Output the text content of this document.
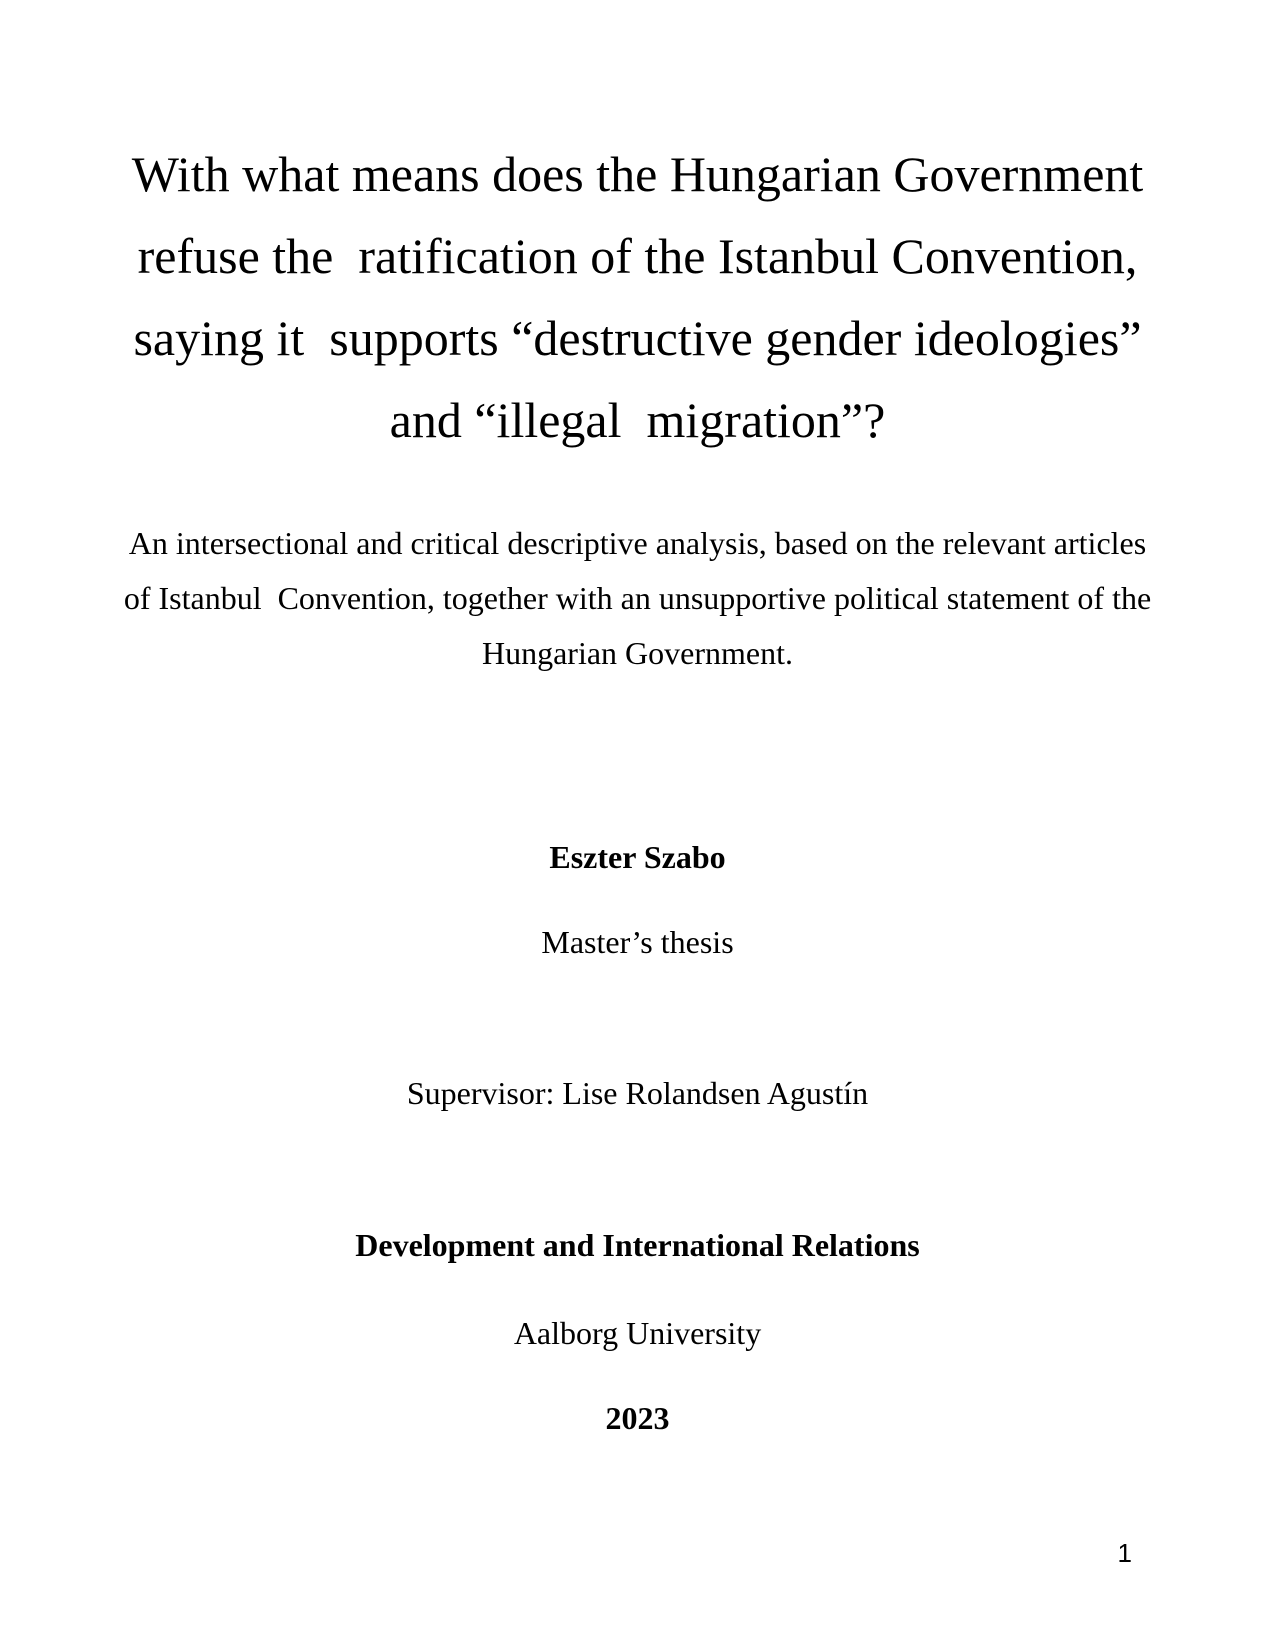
With what means does the Hungarian Government
refuse the  ratification of the Istanbul Convention,
saying it  supports “destructive gender ideologies”
and “illegal  migration”?
An intersectional and critical descriptive analysis, based on the relevant articles
of Istanbul  Convention, together with an unsupportive political statement of the
Hungarian Government.
Eszter Szabo
Master’s thesis
Supervisor: Lise Rolandsen Agustín
Development and International Relations
Aalborg University
2023
1
